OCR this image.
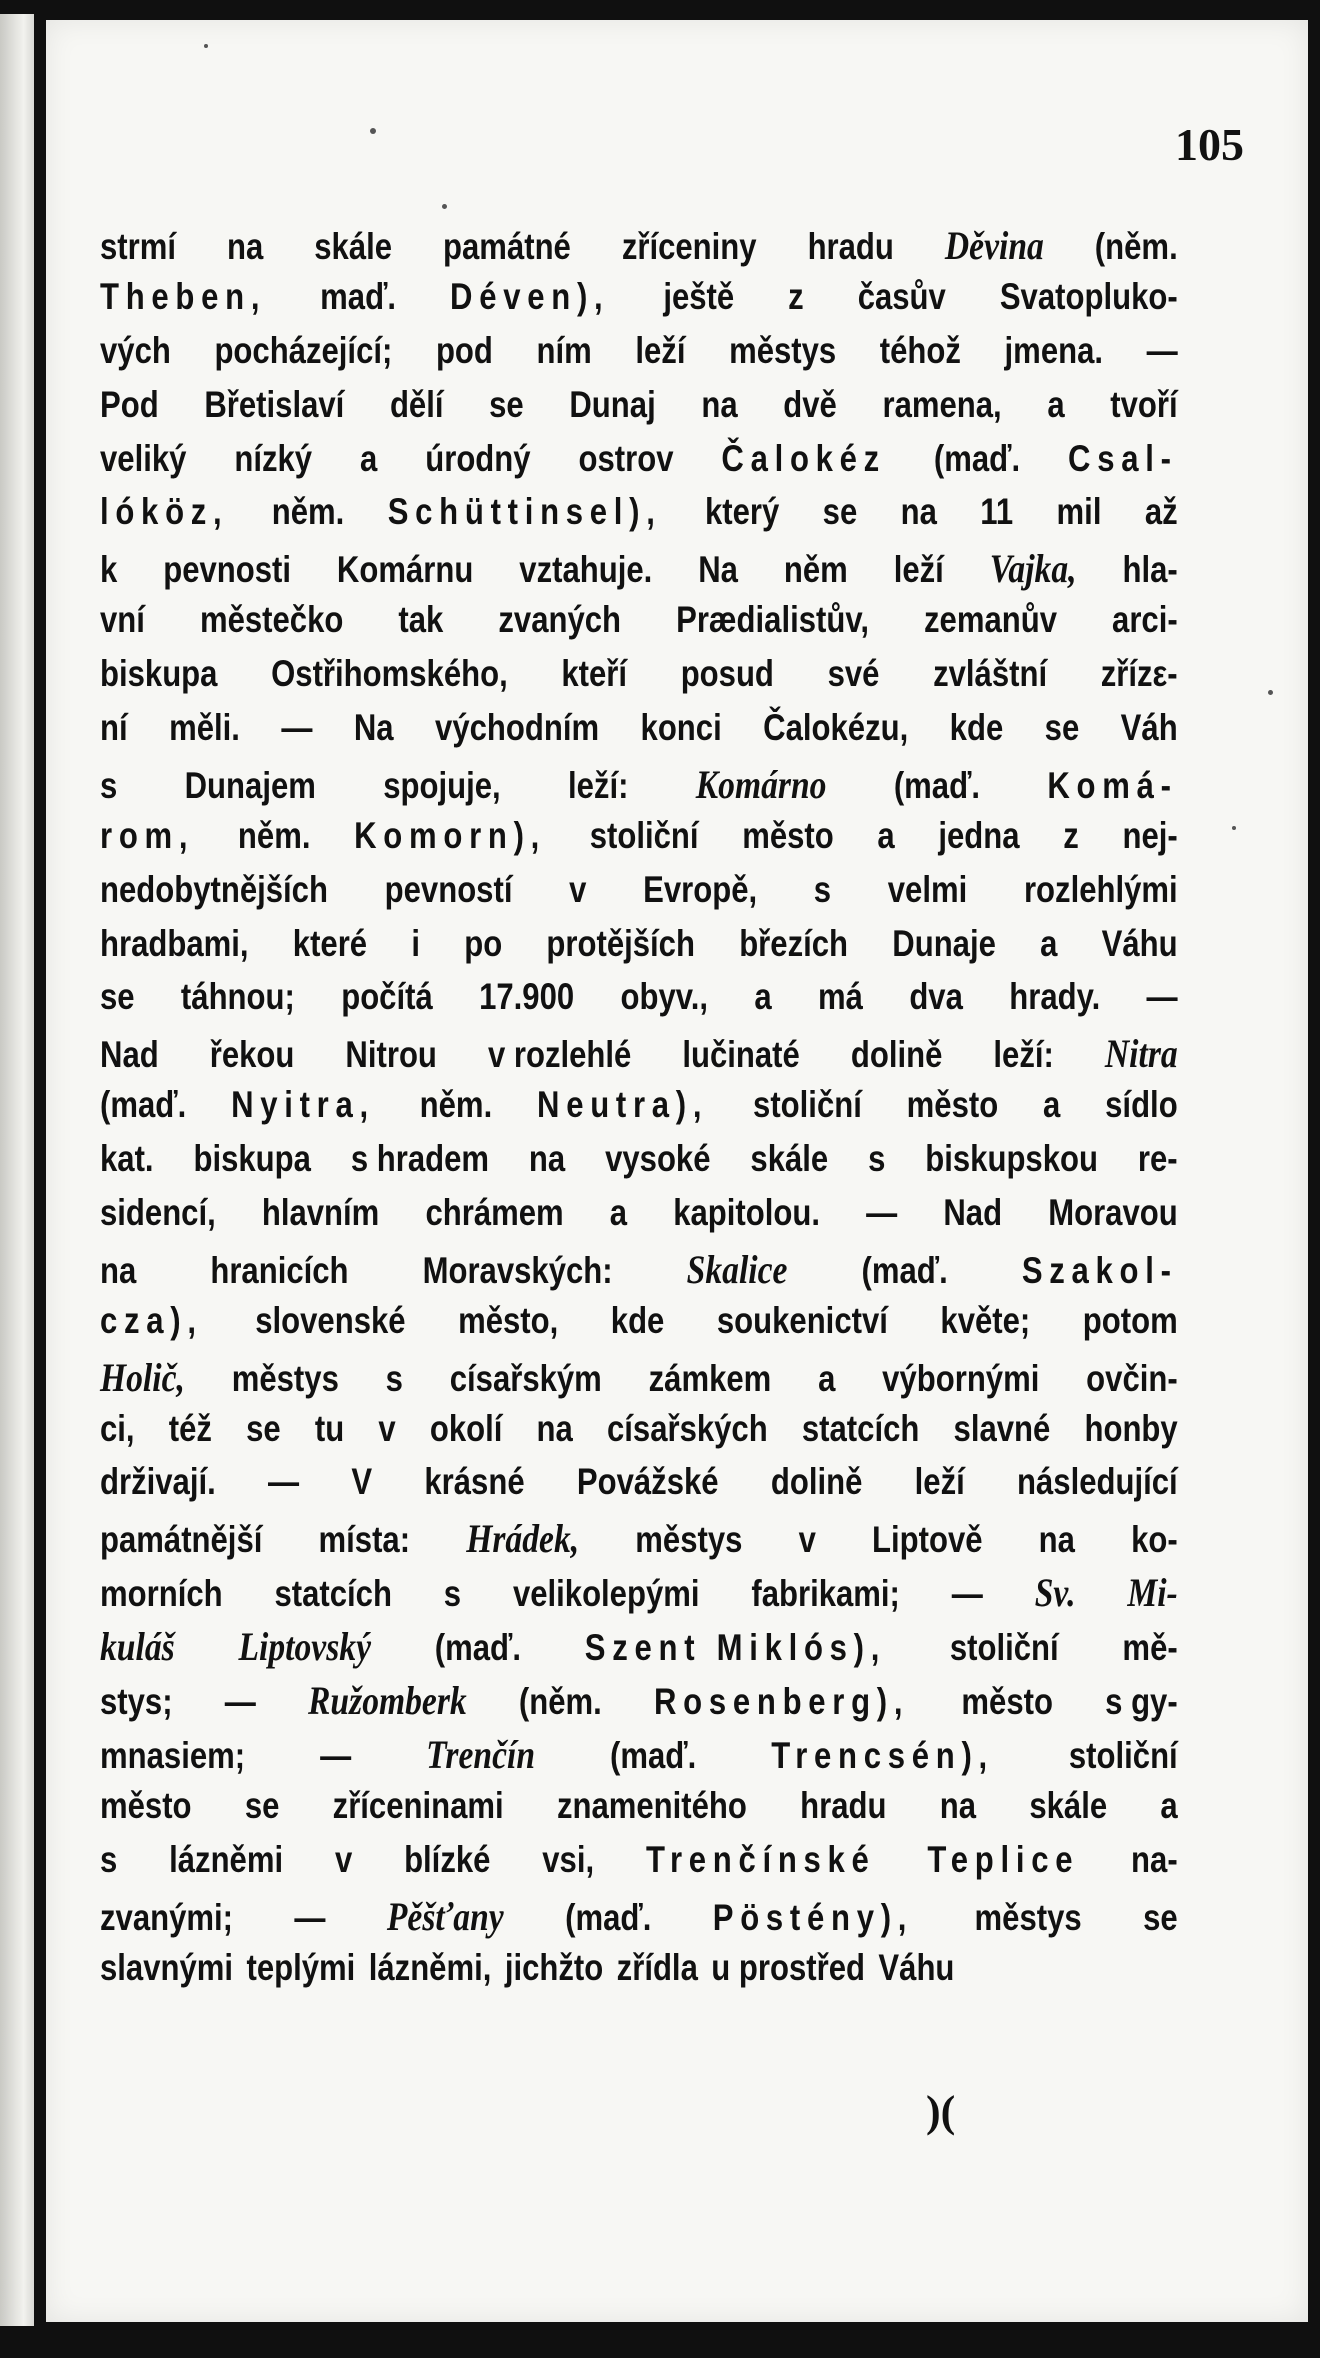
105
strmí na skále památné zříceniny hradu Děvina (něm.
Theben, maď. Déven), ještě z časův Svatopluko-
vých pocházející; pod ním leží městys téhož jmena. —
Pod Břetislaví dělí se Dunaj na dvě ramena, a tvoří
veliký nízký a úrodný ostrov Čalokéz (maď. Csal-
lóköz, něm. Schüttinsel), který se na 11 mil až
k pevnosti Komárnu vztahuje. Na něm leží Vajka, hla-
vní městečko tak zvaných Prædialistův, zemanův arci-
biskupa Ostřihomského, kteří posud své zvláštní zřízε-
ní měli. — Na východním konci Čalokézu, kde se Váh
s Dunajem spojuje, leží: Komárno (maď. Komá-
rom, něm. Komorn), stoliční město a jedna z nej-
nedobytnějších pevností v Evropě, s velmi rozlehlými
hradbami, které i po protějších březích Dunaje a Váhu
se táhnou; počítá 17.900 obyv., a má dva hrady. —
Nad řekou Nitrou v rozlehlé lučinaté dolině leží: Nitra
(maď. Nyitra, něm. Neutra), stoliční město a sídlo
kat. biskupa s hradem na vysoké skále s biskupskou re-
sidencí, hlavním chrámem a kapitolou. — Nad Moravou
na hranicích Moravských: Skalice (maď. Szakol-
cza), slovenské město, kde soukenictví květe; potom
Holič, městys s císařským zámkem a výbornými ovčin-
ci, též se tu v okolí na císařských statcích slavné honby
drživají. — V krásné Povážské dolině leží následující
památnější místa: Hrádek, městys v Liptově na ko-
morních statcích s velikolepými fabrikami; — Sv. Mi-
kuláš Liptovský (maď. Szent Miklós), stoliční mě-
stys; — Ružomberk (něm. Rosenberg), město s gy-
mnasiem; — Trenčín (maď. Trencsén), stoliční
město se zříceninami znamenitého hradu na skále a
s lázněmi v blízké vsi, Trenčínské Teplice na-
zvanými; — Pěšťany (maď. Pöstény), městys se
slavnými teplými lázněmi, jichžto zřídla u prostřed Váhu
)(
